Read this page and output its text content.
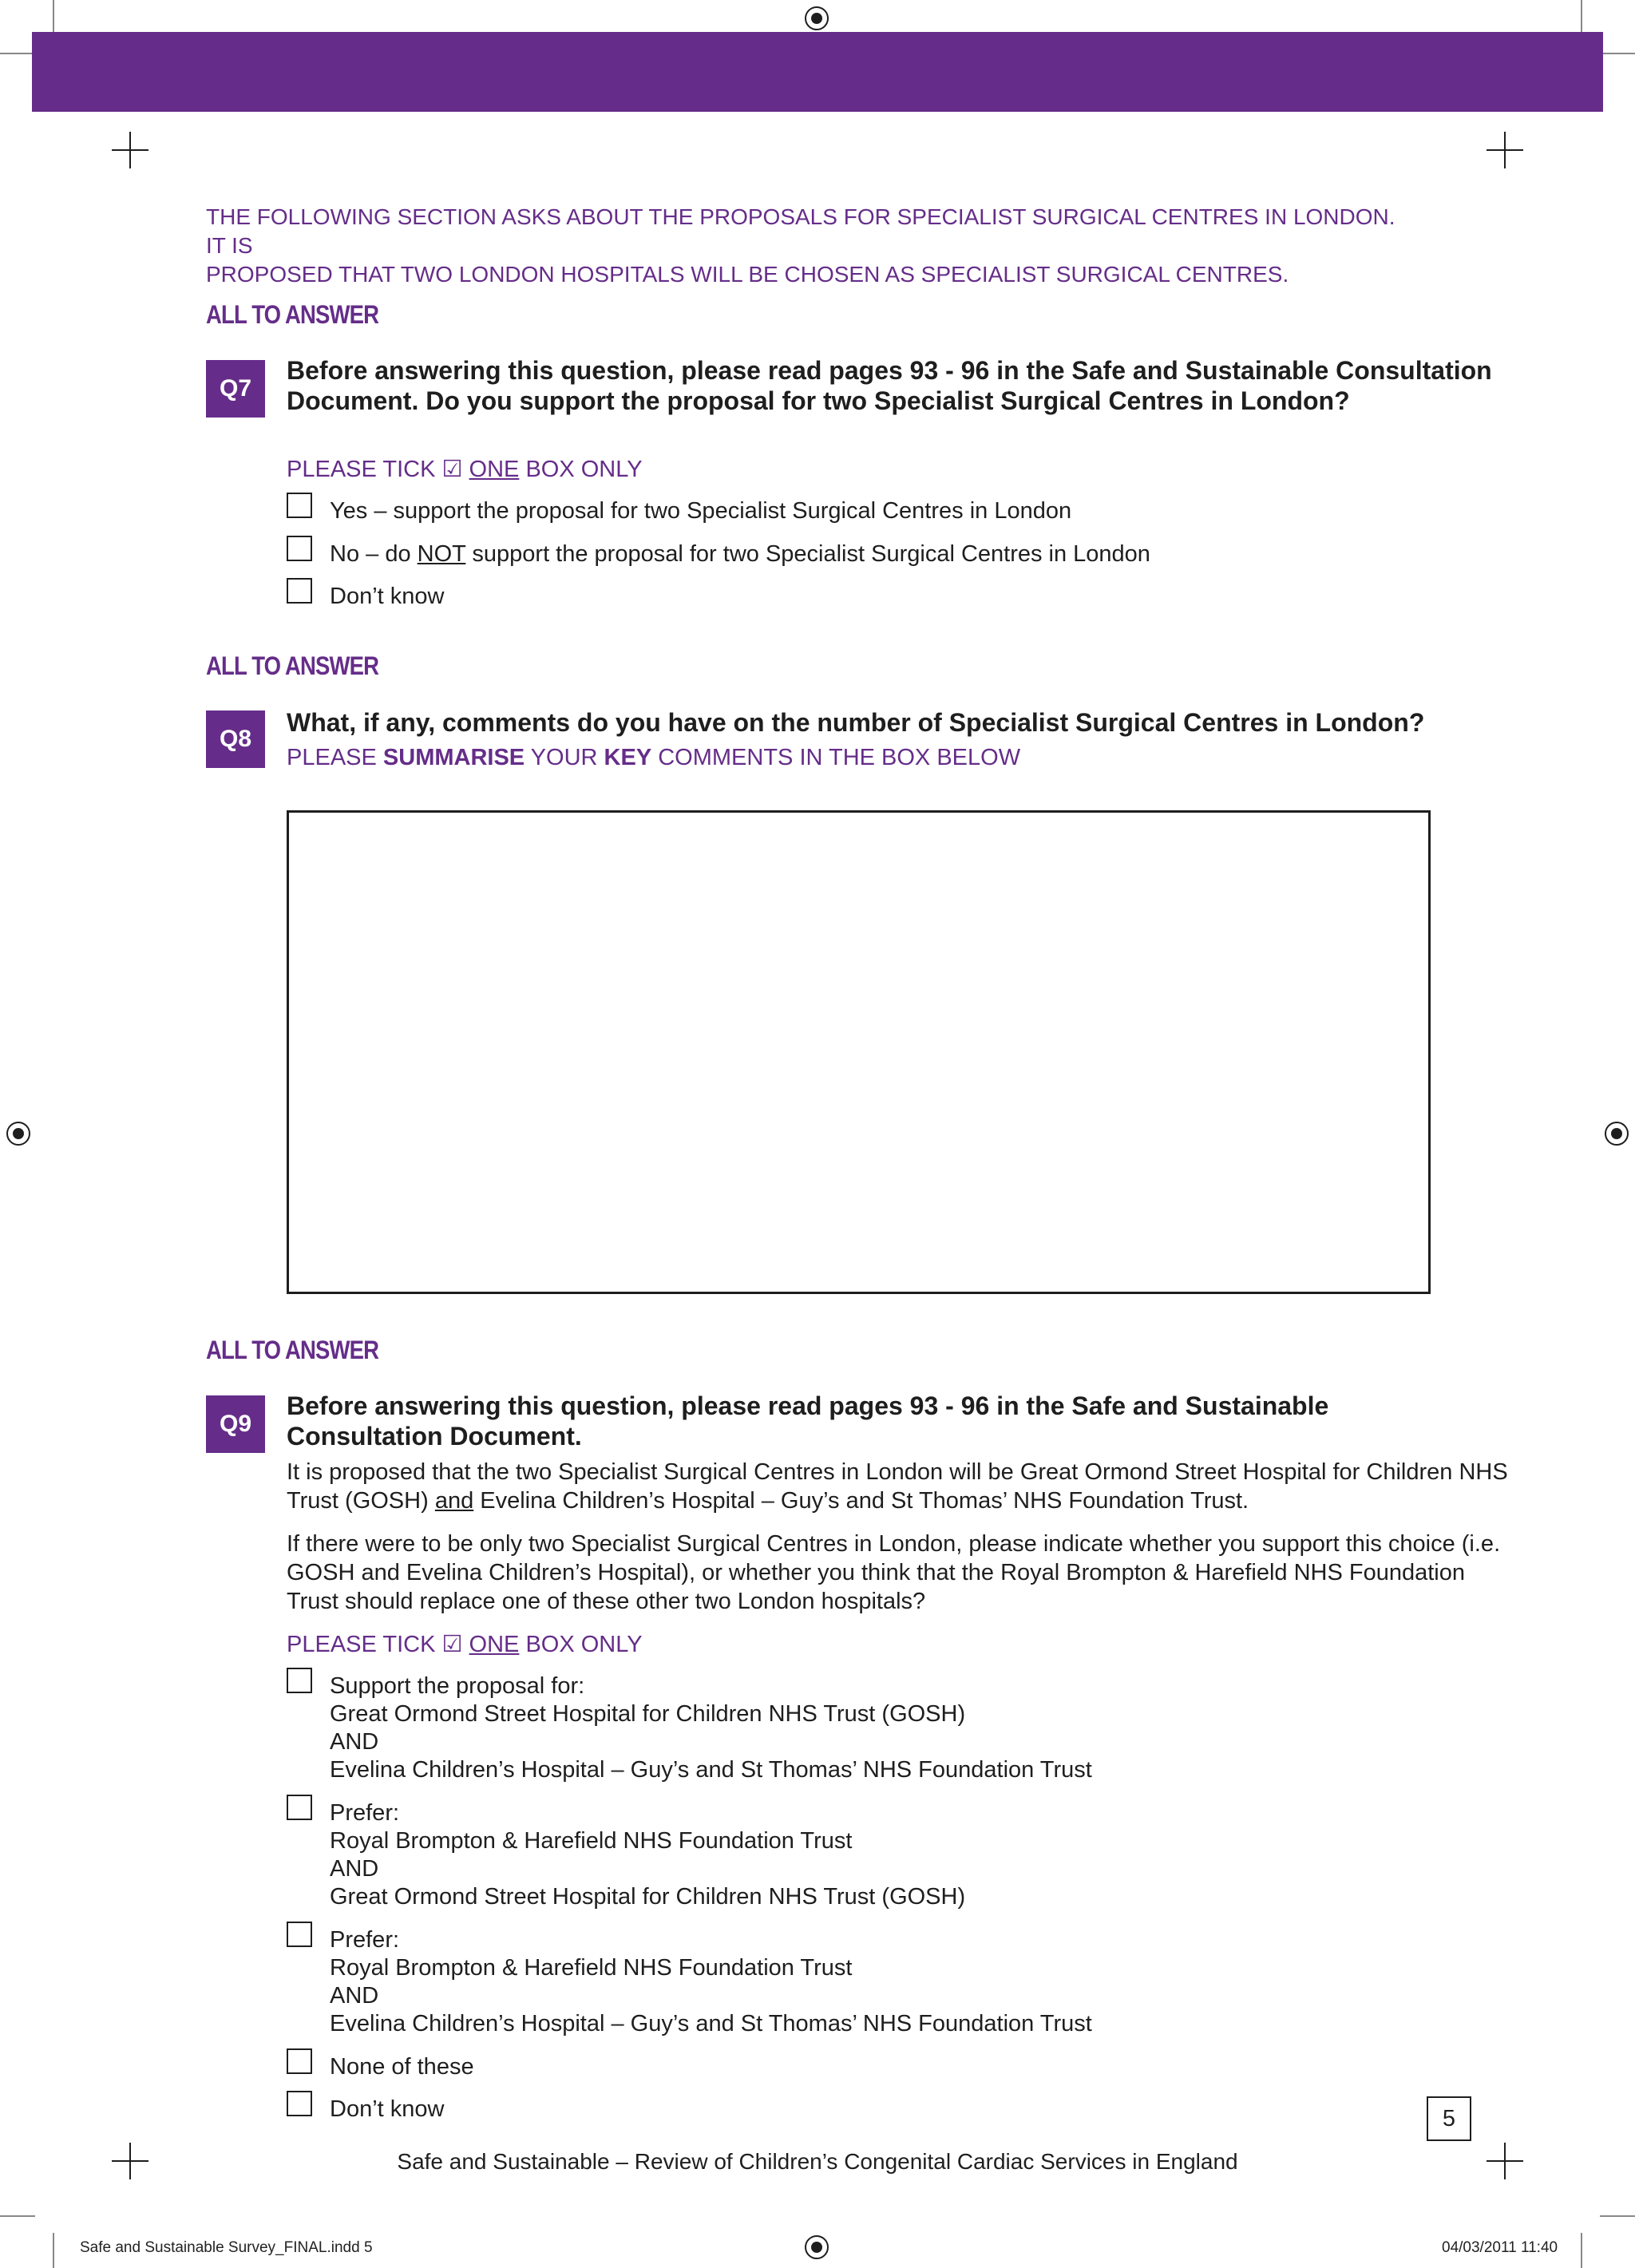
THE FOLLOWING SECTION ASKS ABOUT THE PROPOSALS FOR SPECIALIST SURGICAL CENTRES IN LONDON. IT IS
PROPOSED THAT TWO LONDON HOSPITALS WILL BE CHOSEN AS SPECIALIST SURGICAL CENTRES.
ALL TO ANSWER
Q7
Before answering this question, please read pages 93 - 96 in the Safe and Sustainable Consultation Document. Do you support the proposal for two Specialist Surgical Centres in London?
PLEASE TICK ☑ ONE BOX ONLY
Yes – support the proposal for two Specialist Surgical Centres in London
No – do NOT support the proposal for two Specialist Surgical Centres in London
Don’t know
ALL TO ANSWER
Q8
What, if any, comments do you have on the number of Specialist Surgical Centres in London?
PLEASE SUMMARISE YOUR KEY COMMENTS IN THE BOX BELOW
ALL TO ANSWER
Q9
Before answering this question, please read pages 93 - 96 in the Safe and Sustainable Consultation Document.
It is proposed that the two Specialist Surgical Centres in London will be Great Ormond Street Hospital for Children NHS Trust (GOSH) and Evelina Children’s Hospital – Guy’s and St Thomas’ NHS Foundation Trust.
If there were to be only two Specialist Surgical Centres in London, please indicate whether you support this choice (i.e. GOSH and Evelina Children’s Hospital), or whether you think that the Royal Brompton & Harefield NHS Foundation Trust should replace one of these other two London hospitals?
PLEASE TICK ☑ ONE BOX ONLY
Support the proposal for:
Great Ormond Street Hospital for Children NHS Trust (GOSH)
AND
Evelina Children’s Hospital – Guy’s and St Thomas’ NHS Foundation Trust
Prefer:
Royal Brompton & Harefield NHS Foundation Trust
AND
Great Ormond Street Hospital for Children NHS Trust (GOSH)
Prefer:
Royal Brompton & Harefield NHS Foundation Trust
AND
Evelina Children’s Hospital – Guy’s and St Thomas’ NHS Foundation Trust
None of these
Don’t know	5
Safe and Sustainable – Review of Children’s Congenital Cardiac Services in England
Safe and Sustainable Survey_FINAL.indd 5	04/03/2011 11:40
